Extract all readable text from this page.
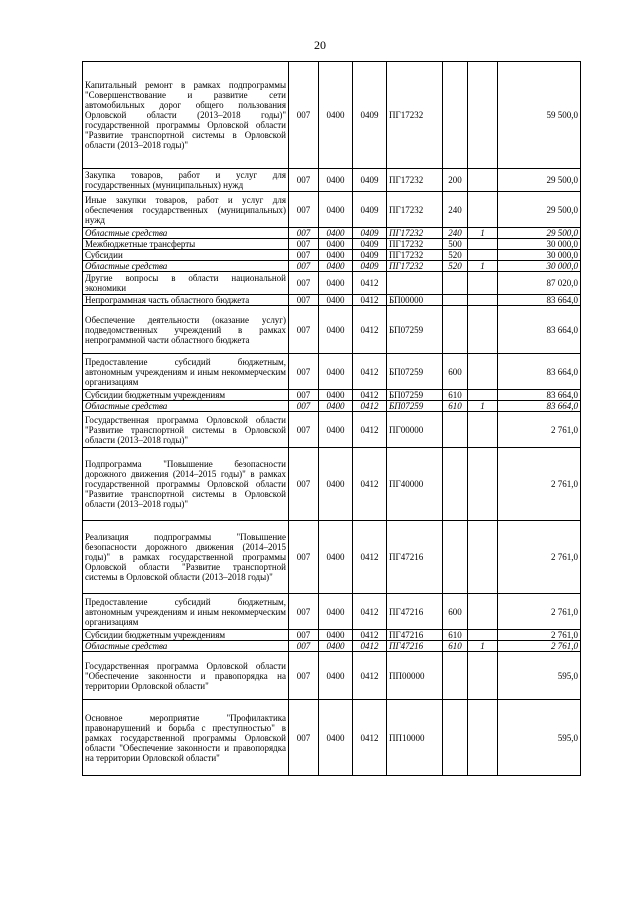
20
Капитальный ремонт в рамках подпрограммы "Совершенствование и развитие сети автомобильных дорог общего пользования Орловской области (2013–2018 годы)" государственной программы Орловской области "Развитие транспортной системы в Орловской области (2013–2018 годы)"	007	0400	0409	ПГ17232			59 500,0
Закупка товаров, работ и услуг для государственных (муниципальных) нужд	007	0400	0409	ПГ17232	200		29 500,0
Иные закупки товаров, работ и услуг для обеспечения государственных (муниципальных) нужд	007	0400	0409	ПГ17232	240		29 500,0
Областные средства	007	0400	0409	ПГ17232	240	1	29 500,0
Межбюджетные трансферты	007	0400	0409	ПГ17232	500		30 000,0
Субсидии	007	0400	0409	ПГ17232	520		30 000,0
Областные средства	007	0400	0409	ПГ17232	520	1	30 000,0
Другие вопросы в области национальной экономики	007	0400	0412				87 020,0
Непрограммная часть областного бюджета	007	0400	0412	БП00000			83 664,0
Обеспечение деятельности (оказание услуг) подведомственных учреждений в рамках непрограммной части областного бюджета	007	0400	0412	БП07259			83 664,0
Предоставление субсидий бюджетным, автономным учреждениям и иным некоммерческим организациям	007	0400	0412	БП07259	600		83 664,0
Субсидии бюджетным учреждениям	007	0400	0412	БП07259	610		83 664,0
Областные средства	007	0400	0412	БП07259	610	1	83 664,0
Государственная программа Орловской области "Развитие транспортной системы в Орловской области (2013–2018 годы)"	007	0400	0412	ПГ00000			2 761,0
Подпрограмма "Повышение безопасности дорожного движения (2014–2015 годы)" в рамках государственной программы Орловской области "Развитие транспортной системы в Орловской области (2013–2018 годы)"	007	0400	0412	ПГ40000			2 761,0
Реализация подпрограммы "Повышение безопасности дорожного движения (2014–2015 годы)" в рамках государственной программы Орловской области "Развитие транспортной системы в Орловской области (2013–2018 годы)"	007	0400	0412	ПГ47216			2 761,0
Предоставление субсидий бюджетным, автономным учреждениям и иным некоммерческим организациям	007	0400	0412	ПГ47216	600		2 761,0
Субсидии бюджетным учреждениям	007	0400	0412	ПГ47216	610		2 761,0
Областные средства	007	0400	0412	ПГ47216	610	1	2 761,0
Государственная программа Орловской области "Обеспечение законности и правопорядка на территории Орловской области"	007	0400	0412	ПП00000			595,0
Основное мероприятие "Профилактика правонарушений и борьба с преступностью" в рамках государственной программы Орловской области "Обеспечение законности и правопорядка на территории Орловской области"	007	0400	0412	ПП10000			595,0
